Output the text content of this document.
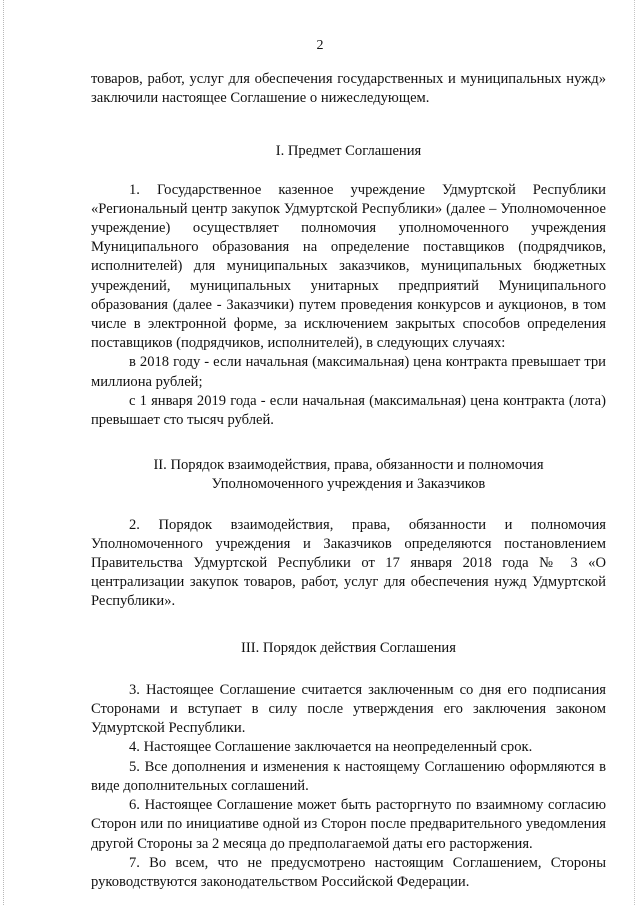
2

товаров, работ, услуг для обеспечения государственных и муниципальных нужд» заключили настоящее Соглашение о нижеследующем.

I. Предмет Соглашения

1. Государственное казенное учреждение Удмуртской Республики «Региональный центр закупок Удмуртской Республики» (далее – Уполномоченное учреждение) осуществляет полномочия уполномоченного учреждения Муниципального образования на определение поставщиков (подрядчиков, исполнителей) для муниципальных заказчиков, муниципальных бюджетных учреждений, муниципальных унитарных предприятий Муниципального образования (далее - Заказчики) путем проведения конкурсов и аукционов, в том числе в электронной форме, за исключением закрытых способов определения поставщиков (подрядчиков, исполнителей), в следующих случаях:

в 2018 году - если начальная (максимальная) цена контракта превышает три миллиона рублей;

с 1 января 2019 года - если начальная (максимальная) цена контракта (лота) превышает сто тысяч рублей.

II. Порядок взаимодействия, права, обязанности и полномочия
Уполномоченного учреждения и Заказчиков

2. Порядок взаимодействия, права, обязанности и полномочия Уполномоченного учреждения и Заказчиков определяются постановлением Правительства Удмуртской Республики от 17 января 2018 года № 3 «О централизации закупок товаров, работ, услуг для обеспечения нужд Удмуртской Республики».

III. Порядок действия Соглашения

3. Настоящее Соглашение считается заключенным со дня его подписания Сторонами и вступает в силу после утверждения его заключения законом Удмуртской Республики.

4. Настоящее Соглашение заключается на неопределенный срок.

5. Все дополнения и изменения к настоящему Соглашению оформляются в виде дополнительных соглашений.

6. Настоящее Соглашение может быть расторгнуто по взаимному согласию Сторон или по инициативе одной из Сторон после предварительного уведомления другой Стороны за 2 месяца до предполагаемой даты его расторжения.

7. Во всем, что не предусмотрено настоящим Соглашением, Стороны руководствуются законодательством Российской Федерации.
